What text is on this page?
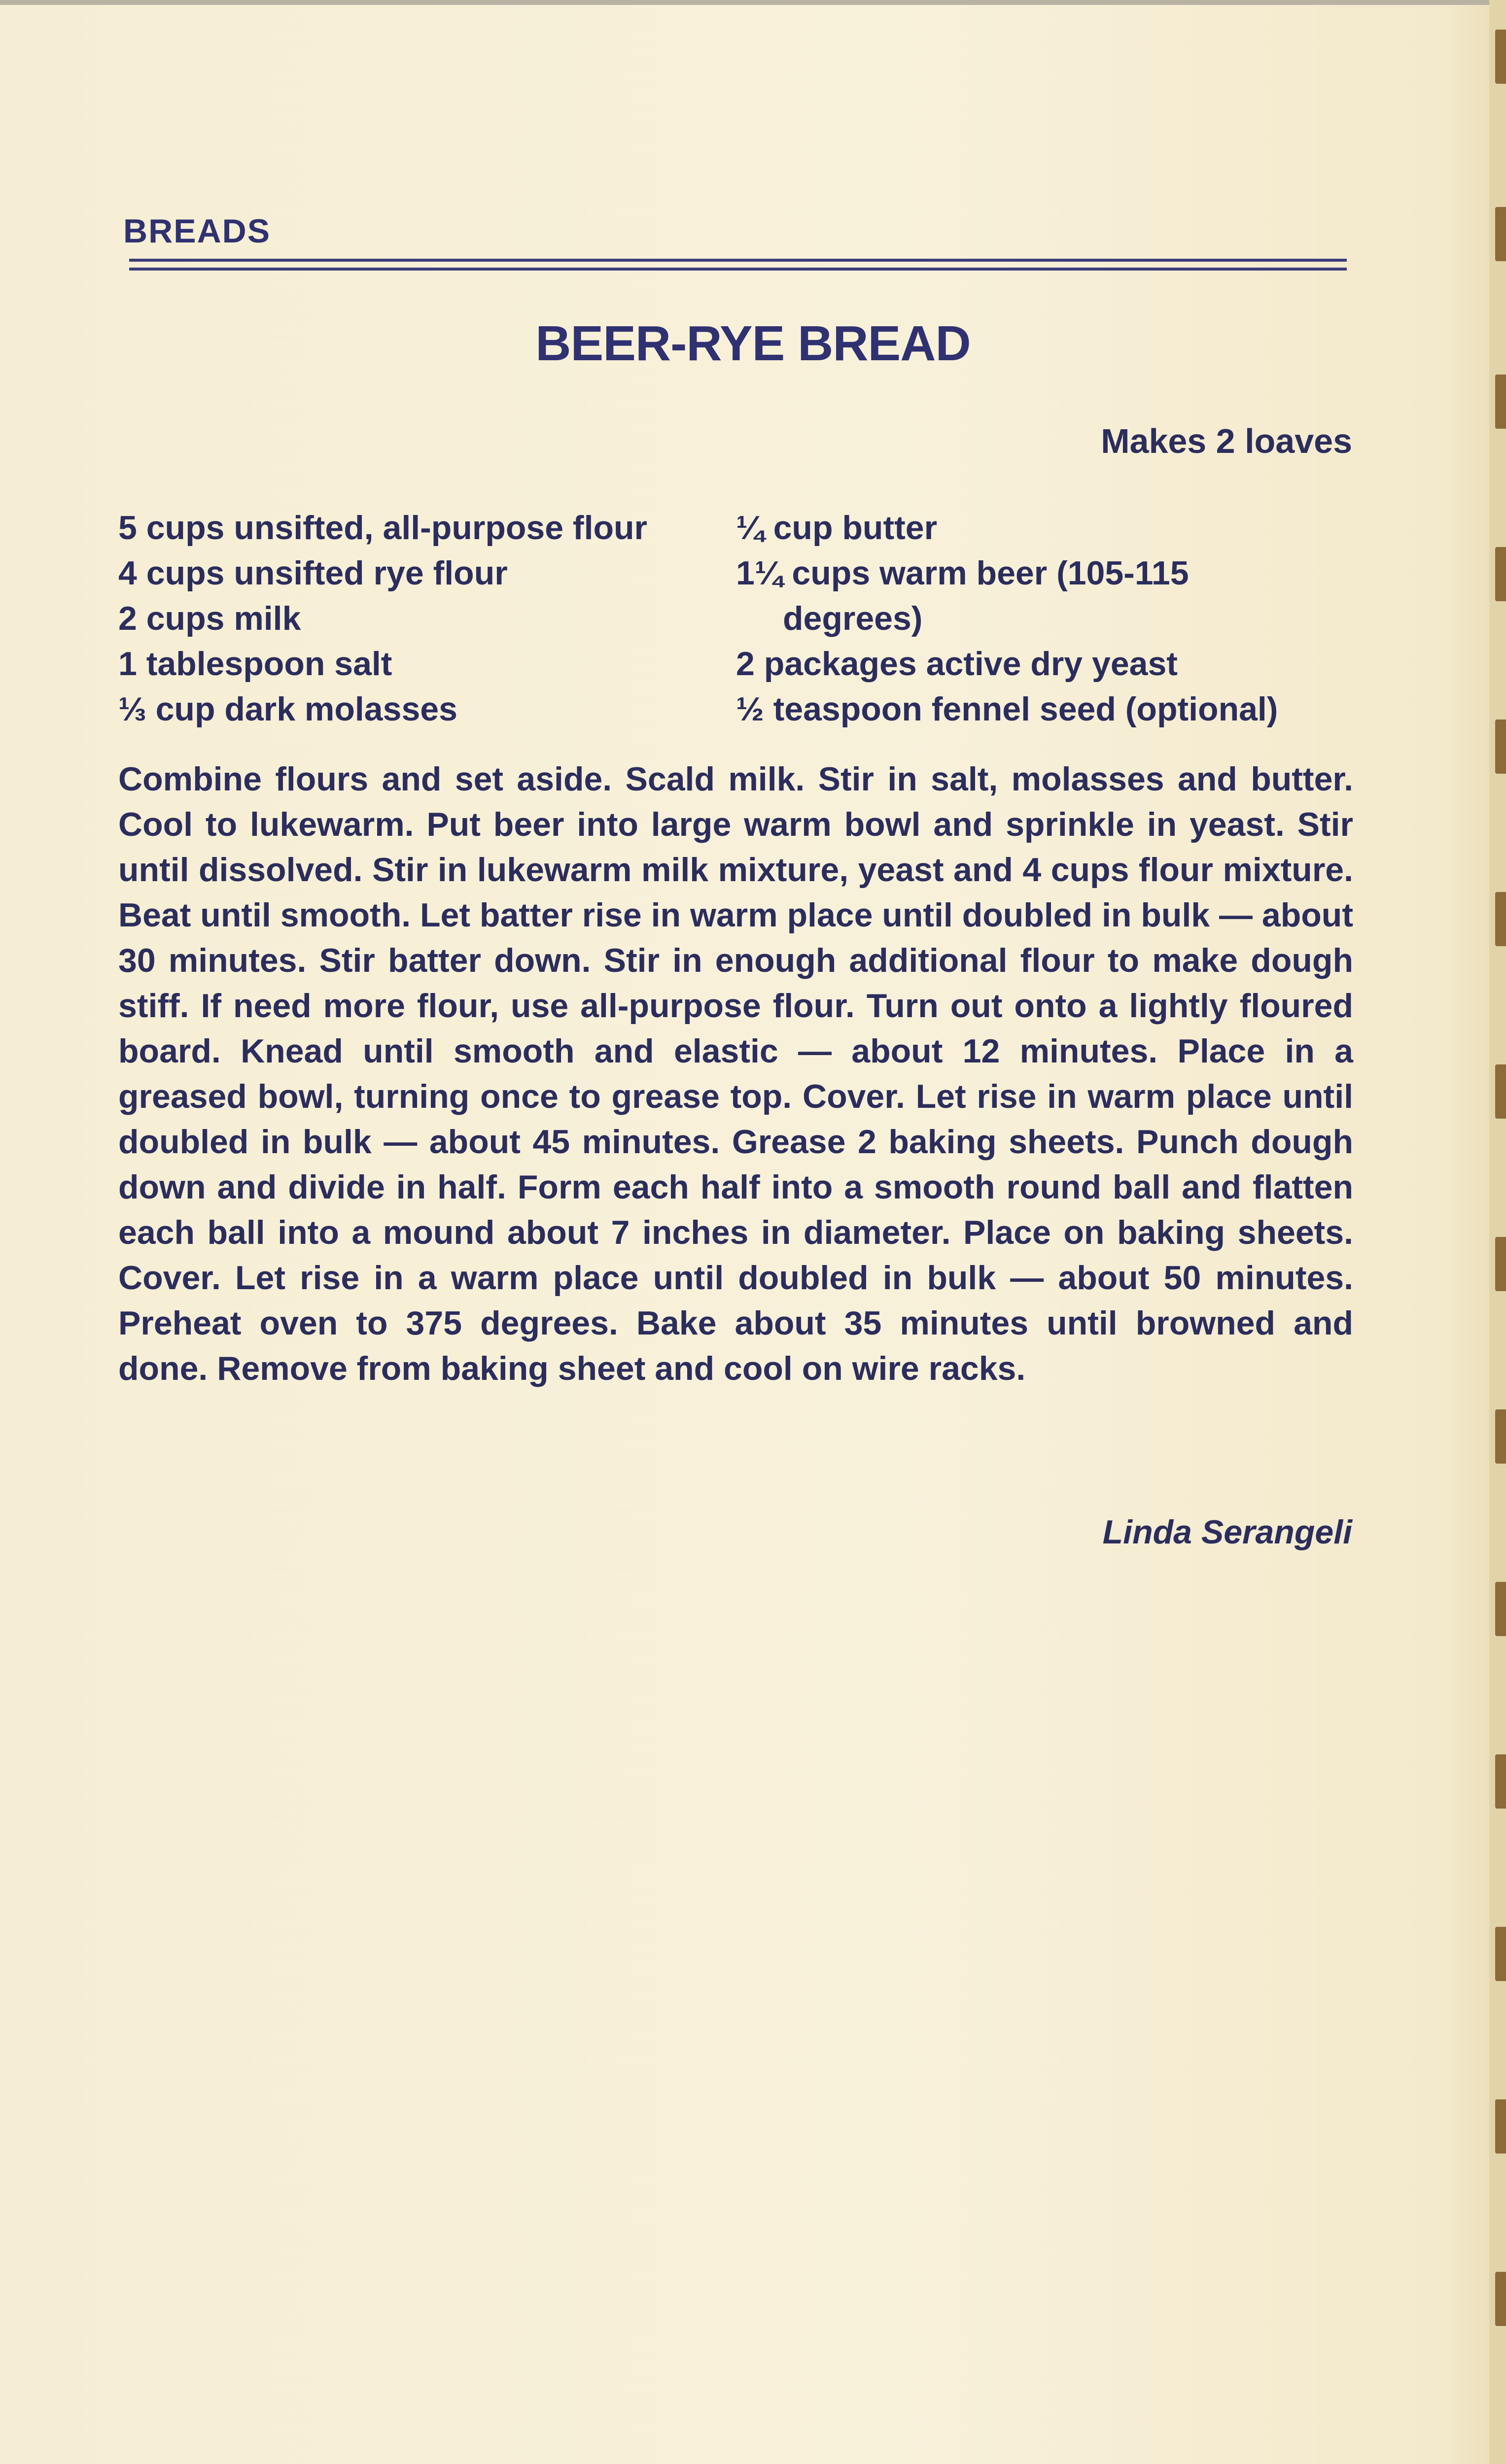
BREADS
BEER-RYE BREAD
Makes 2 loaves
5 cups unsifted, all-purpose flour
4 cups unsifted rye flour
2 cups milk
1 tablespoon salt
⅓ cup dark molasses
¼ cup butter
1¼ cups warm beer (105-115
degrees)
2 packages active dry yeast
½ teaspoon fennel seed (optional)

Combine flours and set aside. Scald milk. Stir in salt, molasses and butter. Cool to lukewarm. Put beer into large warm bowl and sprinkle in yeast. Stir until dissolved. Stir in lukewarm milk mixture, yeast and 4 cups flour mixture. Beat until smooth. Let batter rise in warm place until doubled in bulk — about 30 minutes. Stir batter down. Stir in enough additional flour to make dough stiff. If need more flour, use all-purpose flour. Turn out onto a lightly floured board. Knead until smooth and elastic — about 12 minutes. Place in a greased bowl, turning once to grease top. Cover. Let rise in warm place until doubled in bulk — about 45 minutes. Grease 2 baking sheets. Punch dough down and divide in half. Form each half into a smooth round ball and flatten each ball into a mound about 7 inches in diameter. Place on baking sheets. Cover. Let rise in a warm place until doubled in bulk — about 50 minutes. Preheat oven to 375 degrees. Bake about 35 minutes until browned and done. Remove from baking sheet and cool on wire racks.

Linda Serangeli
